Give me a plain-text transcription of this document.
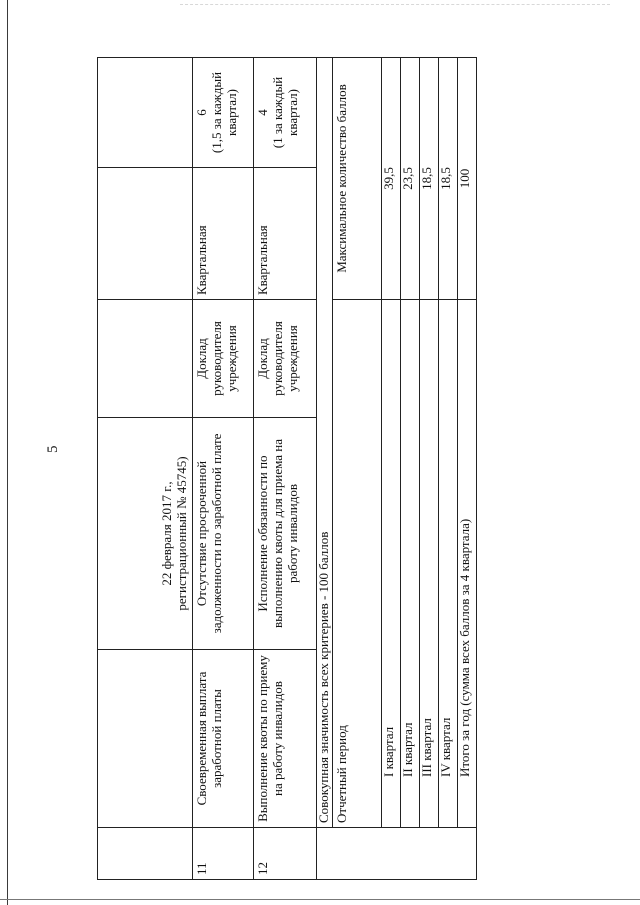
5

		22 февраля 2017 г., регистрационный № 45745)			

11	Своевременная выплата заработной платы	Отсутствие просроченной задолженности по заработной плате	Доклад руководителя учреждения	Квартальная	6 (1,5 за каждый квартал)

12	Выполнение квоты по приему на работу инвалидов	Исполнение обязанности по выполнению квоты для приема на работу инвалидов	Доклад руководителя учреждения	Квартальная	4 (1 за каждый квартал)

	Совокупная значимость всех критериев - 100 баллов				
	Отчетный период			Максимальное количество баллов	
	I квартал			39,5	
	II квартал			23,5	
	III квартал			18,5	
	IV квартал			18,5	
	Итого за год (сумма всех баллов за 4 квартала)			100	
